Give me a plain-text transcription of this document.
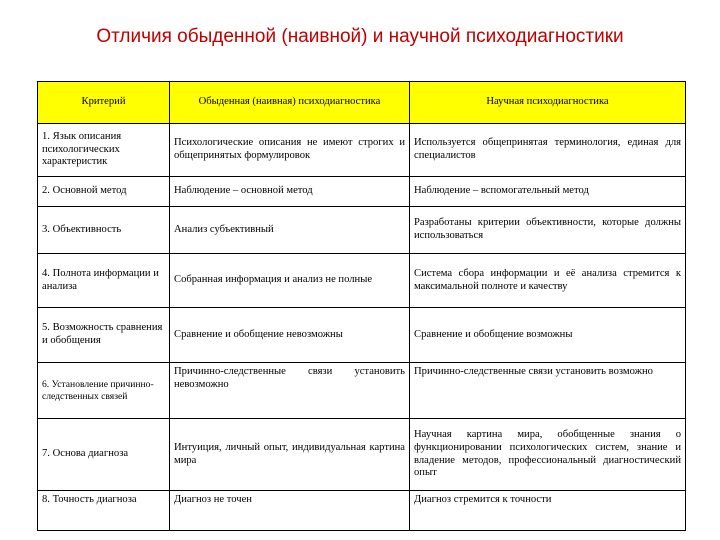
Отличия обыденной (наивной) и научной психодиагностики
Критерий	Обыденная (наивная) психодиагностика	Научная психодиагностика
1. Язык описания психологических характеристик	Психологические описания не имеют строгих и общепринятых формулировок	Используется общепринятая терминология, единая для специалистов
2. Основной метод	Наблюдение – основной метод	Наблюдение – вспомогательный метод
3. Объективность	Анализ субъективный	Разработаны критерии объективности, которые должны использоваться
4. Полнота информации и анализа	Собранная информация и анализ не полные	Система сбора информации и её анализа стремится к максимальной полноте и качеству
5. Возможность сравнения и обобщения	Сравнение и обобщение невозможны	Сравнение и обобщение возможны
6. Установление причинно-следственных связей	Причинно-следственные связи установить невозможно	Причинно-следственные связи установить возможно
7. Основа диагноза	Интуиция, личный опыт, индивидуальная картина мира	Научная картина мира, обобщенные знания о функционировании психологических систем, знание и владение методов, профессиональный диагностический опыт
8. Точность диагноза	Диагноз не точен	Диагноз стремится к точности
